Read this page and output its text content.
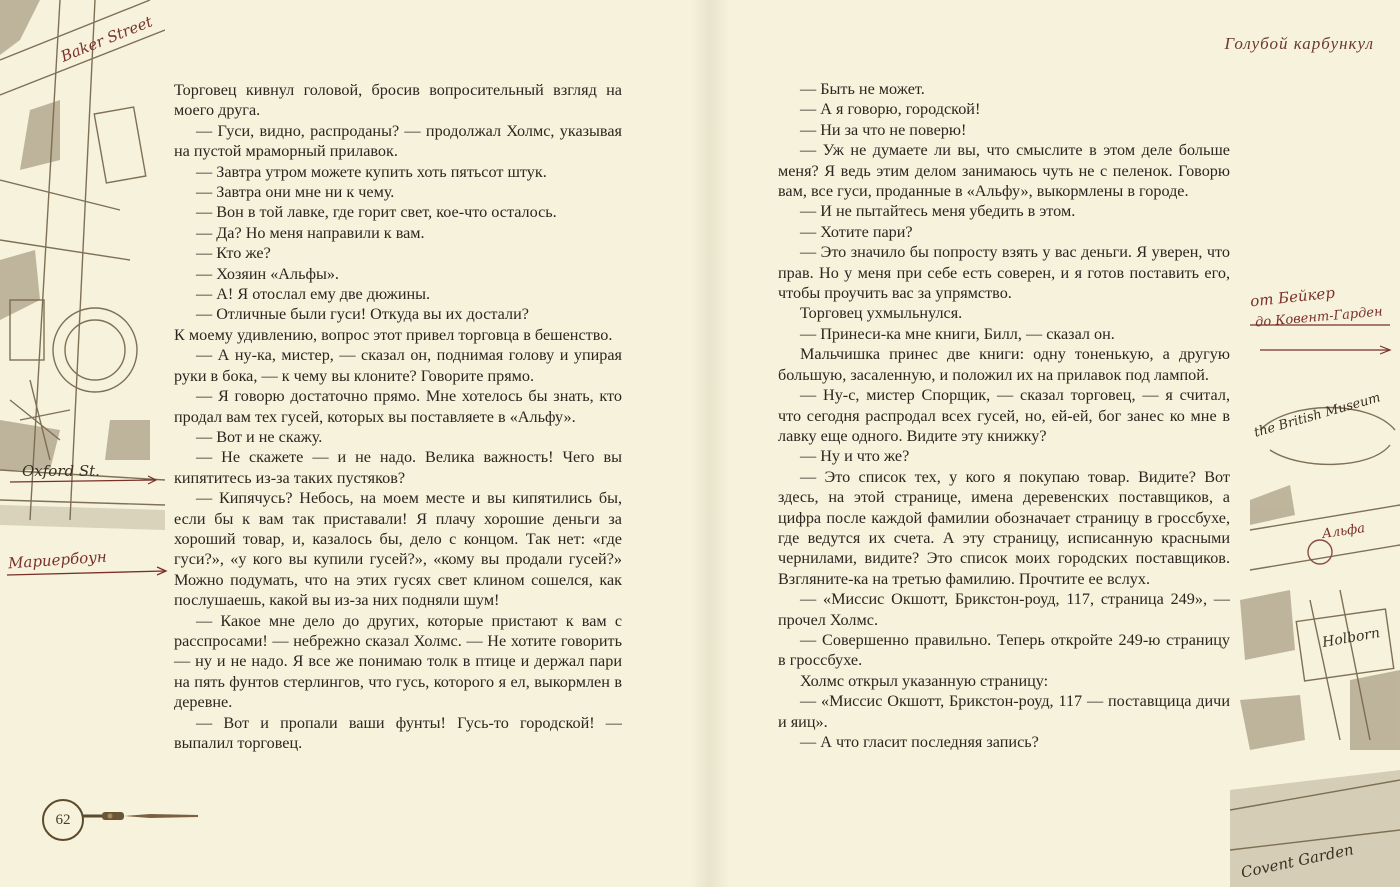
Baker Street
Oxford St.
Мариербоун
от Бейкер
до Ковент-Гарден
the British Museum
Альфа
Holborn
Covent Garden
Голубой карбункул

Торговец кивнул головой, бросив вопросительный взгляд на моего друга.

— Гуси, видно, распроданы? — продолжал Холмс, указывая на пустой мраморный прилавок.

— Завтра утром можете купить хоть пятьсот штук.

— Завтра они мне ни к чему.

— Вон в той лавке, где горит свет, кое-что осталось.

— Да? Но меня направили к вам.

— Кто же?

— Хозяин «Альфы».

— А! Я отослал ему две дюжины.

— Отличные были гуси! Откуда вы их достали?

К моему удивлению, вопрос этот привел торговца в бешенство.

— А ну-ка, мистер, — сказал он, поднимая голову и упирая руки в бока, — к чему вы клоните? Говорите прямо.

— Я говорю достаточно прямо. Мне хотелось бы знать, кто продал вам тех гусей, которых вы поставляете в «Альфу».

— Вот и не скажу.

— Не скажете — и не надо. Велика важность! Чего вы кипятитесь из-за таких пустяков?

— Кипячусь? Небось, на моем месте и вы кипятились бы, если бы к вам так приставали! Я плачу хорошие деньги за хороший товар, и, казалось бы, дело с концом. Так нет: «где гуси?», «у кого вы купили гусей?», «кому вы продали гусей?» Можно подумать, что на этих гусях свет клином сошелся, как послушаешь, какой вы из-за них подняли шум!

— Какое мне дело до других, которые пристают к вам с расспросами! — небрежно сказал Холмс. — Не хотите говорить — ну и не надо. Я все же понимаю толк в птице и держал пари на пять фунтов стерлингов, что гусь, которого я ел, выкормлен в деревне.

— Вот и пропали ваши фунты! Гусь-то городской! — выпалил торговец.

— Быть не может.

— А я говорю, городской!

— Ни за что не поверю!

— Уж не думаете ли вы, что смыслите в этом деле больше меня? Я ведь этим делом занимаюсь чуть не с пеленок. Говорю вам, все гуси, проданные в «Альфу», выкормлены в городе.

— И не пытайтесь меня убедить в этом.

— Хотите пари?

— Это значило бы попросту взять у вас деньги. Я уверен, что прав. Но у меня при себе есть соверен, и я готов поставить его, чтобы проучить вас за упрямство.

Торговец ухмыльнулся.

— Принеси-ка мне книги, Билл, — сказал он.

Мальчишка принес две книги: одну тоненькую, а другую большую, засаленную, и положил их на прилавок под лампой.

— Ну-с, мистер Спорщик, — сказал торговец, — я считал, что сегодня распродал всех гусей, но, ей-ей, бог занес ко мне в лавку еще одного. Видите эту книжку?

— Ну и что же?

— Это список тех, у кого я покупаю товар. Видите? Вот здесь, на этой странице, имена деревенских поставщиков, а цифра после каждой фамилии обозначает страницу в гроссбухе, где ведутся их счета. А эту страницу, исписанную красными чернилами, видите? Это список моих городских поставщиков. Взгляните-ка на третью фамилию. Прочтите ее вслух.

— «Миссис Окшотт, Брикстон-роуд, 117, страница 249», — прочел Холмс.

— Совершенно правильно. Теперь откройте 249-ю страницу в гроссбухе.

Холмс открыл указанную страницу:

— «Миссис Окшотт, Брикстон-роуд, 117 — поставщица дичи и яиц».

— А что гласит последняя запись?

62
